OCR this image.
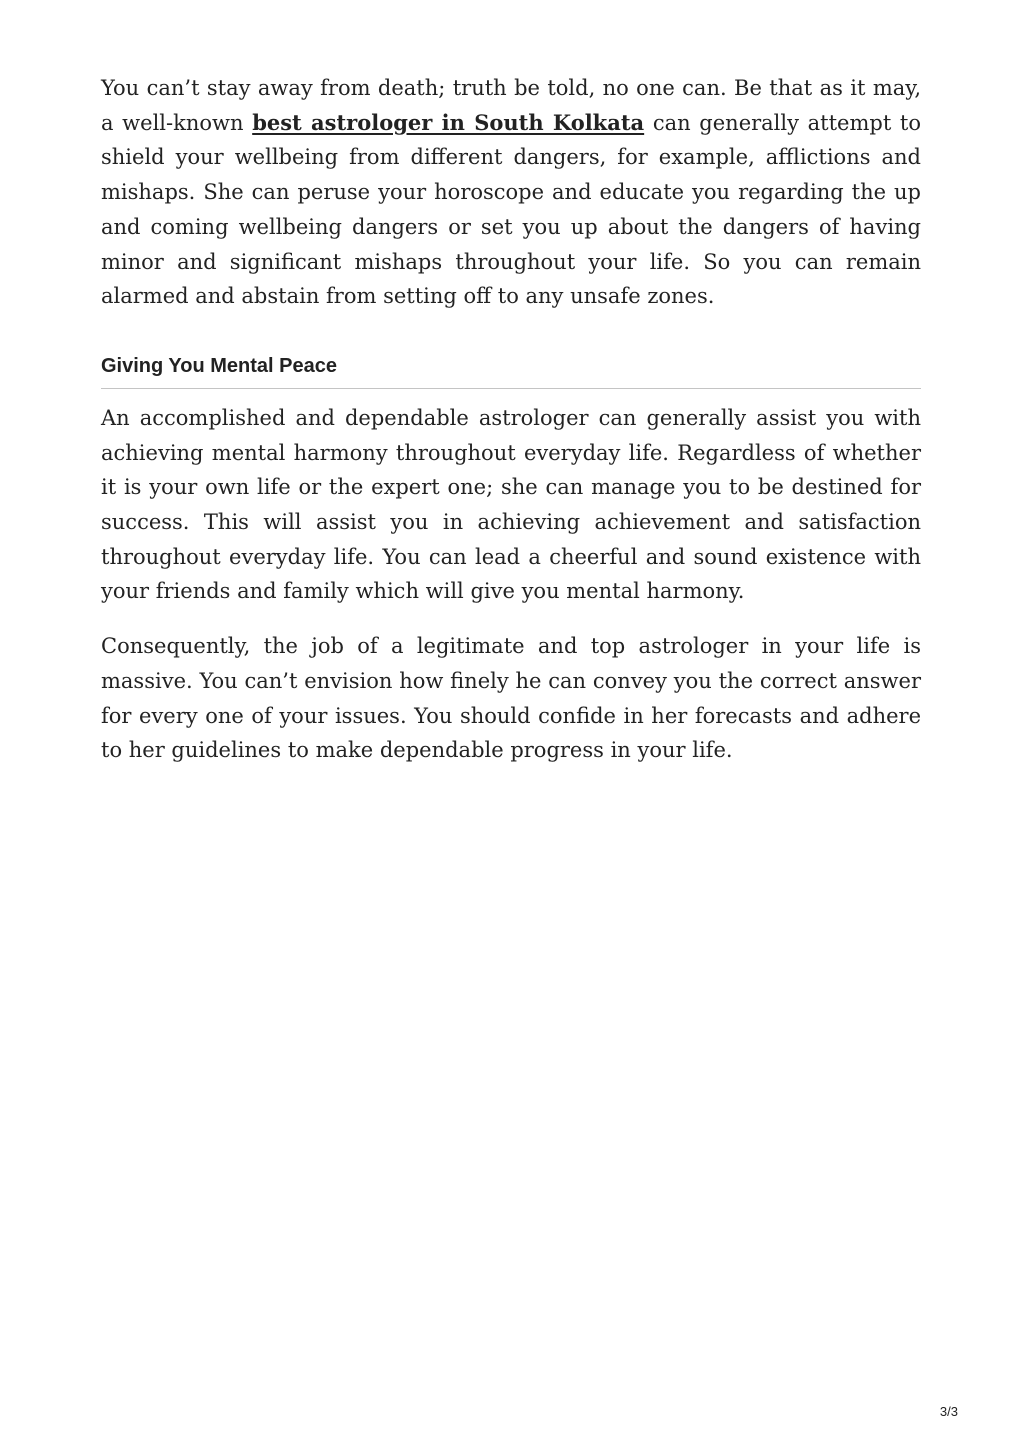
You can’t stay away from death; truth be told, no one can. Be that as it may, a well-known best astrologer in South Kolkata can generally attempt to shield your wellbeing from different dangers, for example, afflictions and mishaps. She can peruse your horoscope and educate you regarding the up and coming wellbeing dangers or set you up about the dangers of having minor and significant mishaps throughout your life. So you can remain alarmed and abstain from setting off to any unsafe zones.

Giving You Mental Peace

An accomplished and dependable astrologer can generally assist you with achieving mental harmony throughout everyday life. Regardless of whether it is your own life or the expert one; she can manage you to be destined for success. This will assist you in achieving achievement and satisfaction throughout everyday life. You can lead a cheerful and sound existence with your friends and family which will give you mental harmony.

Consequently, the job of a legitimate and top astrologer in your life is massive. You can’t envision how finely he can convey you the correct answer for every one of your issues. You should confide in her forecasts and adhere to her guidelines to make dependable progress in your life.

3/3
